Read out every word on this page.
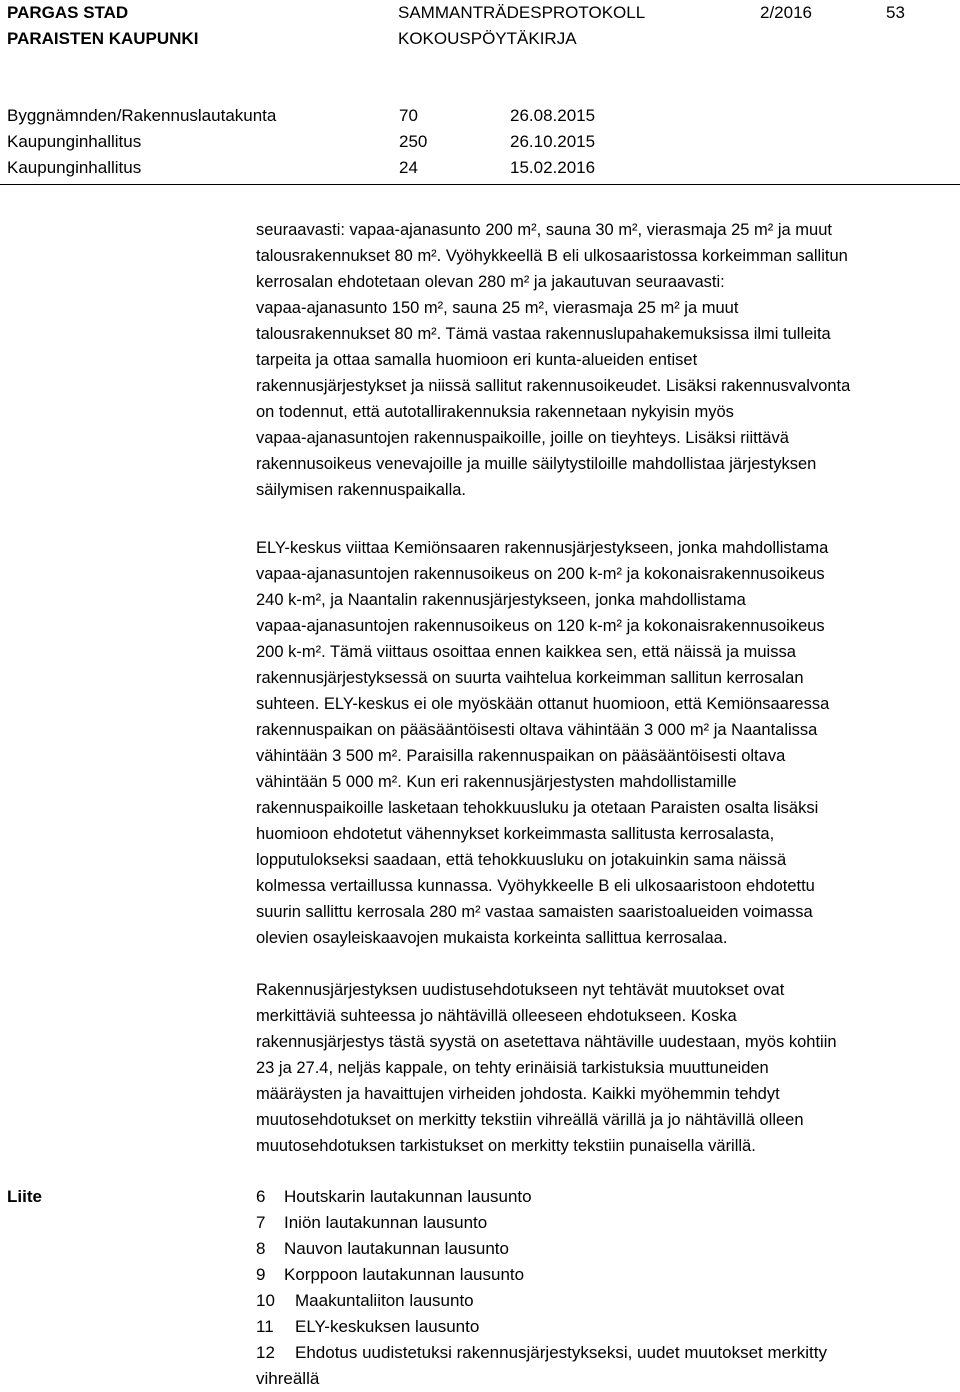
PARGAS STAD
PARAISTEN KAUPUNKI
SAMMANTRÄDESPROTOKOLL
KOKOUSPÖYTÄKIRJA
2/2016	53
Byggnämnden/Rakennuslautakunta	70	26.08.2015
Kaupunginhallitus	250	26.10.2015
Kaupunginhallitus	24	15.02.2016

seuraavasti: vapaa-ajanasunto 200 m², sauna 30 m², vierasmaja 25 m² ja muut
talousrakennukset 80 m². Vyöhykkeellä B eli ulkosaaristossa korkeimman sallitun
kerrosalan ehdotetaan olevan 280 m² ja jakautuvan seuraavasti:
vapaa-ajanasunto 150 m², sauna 25 m², vierasmaja 25 m² ja muut
talousrakennukset 80 m². Tämä vastaa rakennuslupahakemuksissa ilmi tulleita
tarpeita ja ottaa samalla huomioon eri kunta-alueiden entiset
rakennusjärjestykset ja niissä sallitut rakennusoikeudet. Lisäksi rakennusvalvonta
on todennut, että autotallirakennuksia rakennetaan nykyisin myös
vapaa-ajanasuntojen rakennuspaikoille, joille on tieyhteys. Lisäksi riittävä
rakennusoikeus venevajoille ja muille säilytystiloille mahdollistaa järjestyksen
säilymisen rakennuspaikalla.

ELY-keskus viittaa Kemiönsaaren rakennusjärjestykseen, jonka mahdollistama
vapaa-ajanasuntojen rakennusoikeus on 200 k-m² ja kokonaisrakennusoikeus
240 k-m², ja Naantalin rakennusjärjestykseen, jonka mahdollistama
vapaa-ajanasuntojen rakennusoikeus on 120 k-m² ja kokonaisrakennusoikeus
200 k-m². Tämä viittaus osoittaa ennen kaikkea sen, että näissä ja muissa
rakennusjärjestyksessä on suurta vaihtelua korkeimman sallitun kerrosalan
suhteen. ELY-keskus ei ole myöskään ottanut huomioon, että Kemiönsaaressa
rakennuspaikan on pääsääntöisesti oltava vähintään 3 000 m² ja Naantalissa
vähintään 3 500 m². Paraisilla rakennuspaikan on pääsääntöisesti oltava
vähintään 5 000 m². Kun eri rakennusjärjestysten mahdollistamille
rakennuspaikoille lasketaan tehokkuusluku ja otetaan Paraisten osalta lisäksi
huomioon ehdotetut vähennykset korkeimmasta sallitusta kerrosalasta,
lopputulokseksi saadaan, että tehokkuusluku on jotakuinkin sama näissä
kolmessa vertaillussa kunnassa. Vyöhykkeelle B eli ulkosaaristoon ehdotettu
suurin sallittu kerrosala 280 m² vastaa samaisten saaristoalueiden voimassa
olevien osayleiskaavojen mukaista korkeinta sallittua kerrosalaa.

Rakennusjärjestyksen uudistusehdotukseen nyt tehtävät muutokset ovat
merkittäviä suhteessa jo nähtävillä olleeseen ehdotukseen. Koska
rakennusjärjestys tästä syystä on asetettava nähtäville uudestaan, myös kohtiin
23 ja 27.4, neljäs kappale, on tehty erinäisiä tarkistuksia muuttuneiden
määräysten ja havaittujen virheiden johdosta. Kaikki myöhemmin tehdyt
muutosehdotukset on merkitty tekstiin vihreällä värillä ja jo nähtävillä olleen
muutosehdotuksen tarkistukset on merkitty tekstiin punaisella värillä.

Liite	6 Houtskarin lautakunnan lausunto
7 Iniön lautakunnan lausunto
8 Nauvon lautakunnan lausunto
9 Korppoon lautakunnan lausunto
10 Maakuntaliiton lausunto
11 ELY-keskuksen lausunto
12 Ehdotus uudistetuksi rakennusjärjestykseksi, uudet muutokset merkitty
vihreällä
